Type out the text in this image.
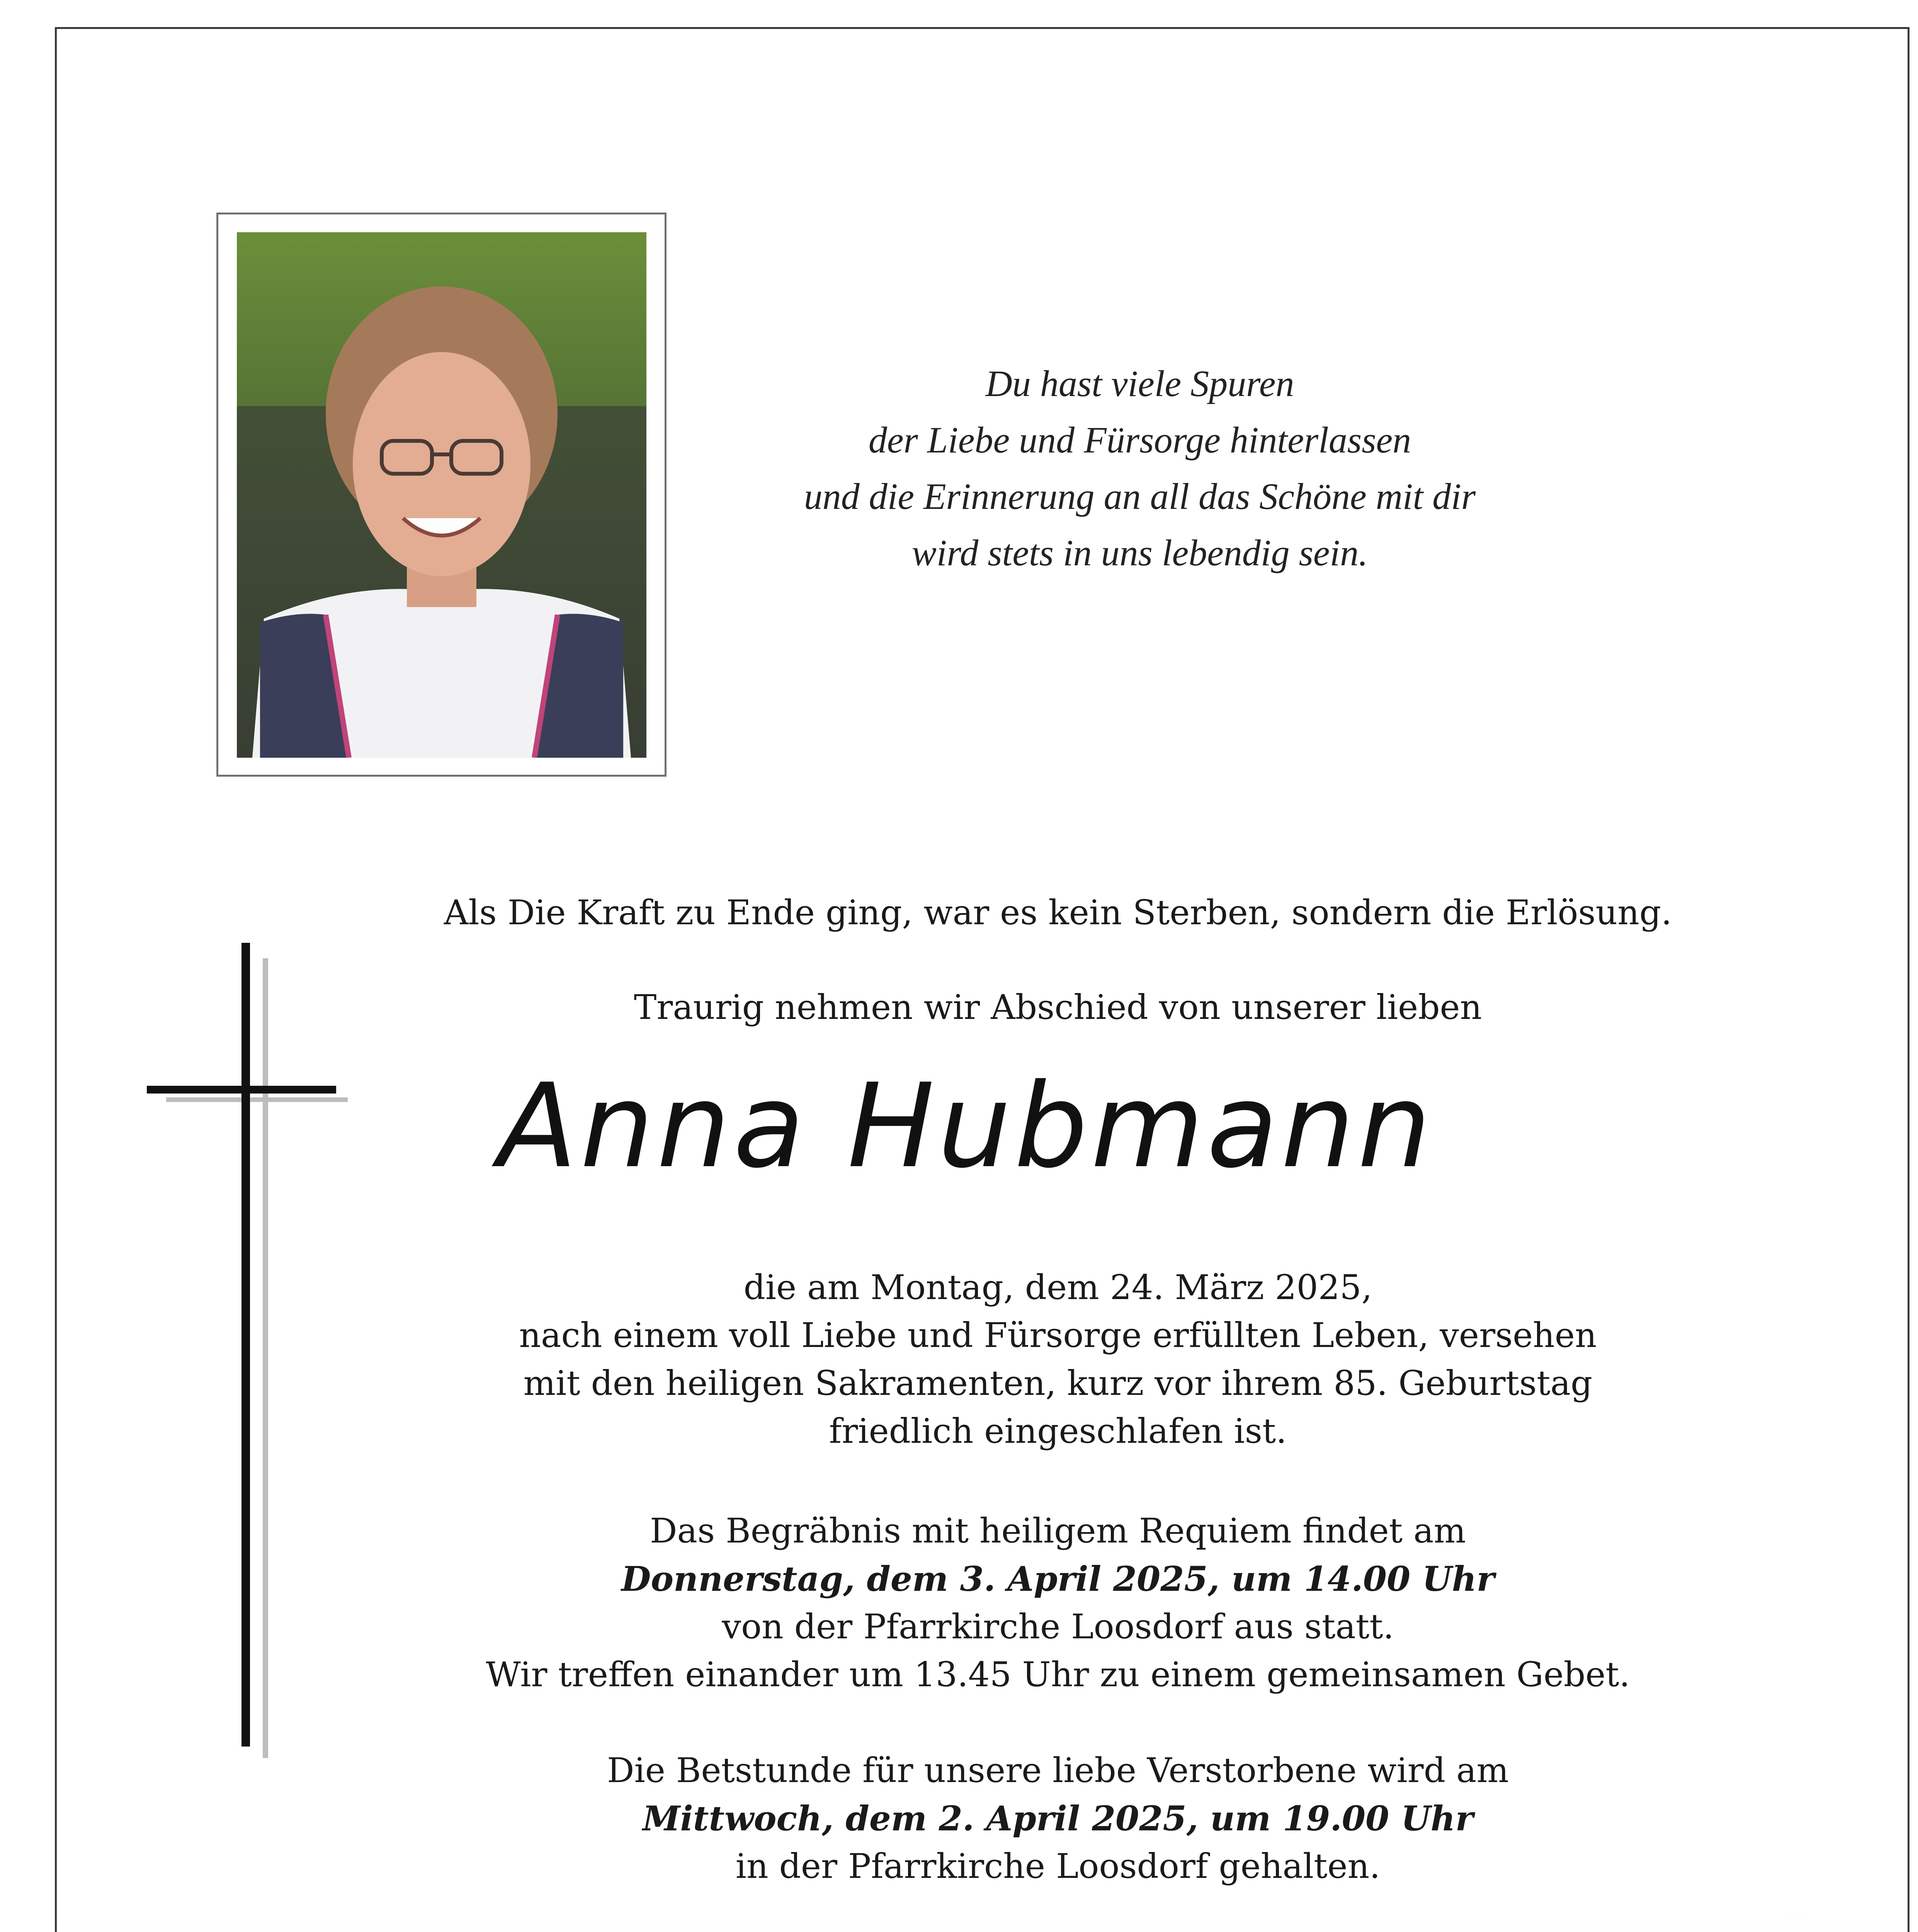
Du hast viele Spuren
der Liebe und Fürsorge hinterlassen
und die Erinnerung an all das Schöne mit dir
wird stets in uns lebendig sein.
Als Die Kraft zu Ende ging, war es kein Sterben, sondern die Erlösung.
Traurig nehmen wir Abschied von unserer lieben
Anna Hubmann
die am Montag, dem 24. März 2025,
nach einem voll Liebe und Fürsorge erfüllten Leben, versehen
mit den heiligen Sakramenten, kurz vor ihrem 85. Geburtstag
friedlich eingeschlafen ist.
Das Begräbnis mit heiligem Requiem findet am
Donnerstag, dem 3. April 2025, um 14.00 Uhr
von der Pfarrkirche Loosdorf aus statt.
Wir treffen einander um 13.45 Uhr zu einem gemeinsamen Gebet.
Die Betstunde für unsere liebe Verstorbene wird am
Mittwoch, dem 2. April 2025, um 19.00 Uhr
in der Pfarrkirche Loosdorf gehalten.
